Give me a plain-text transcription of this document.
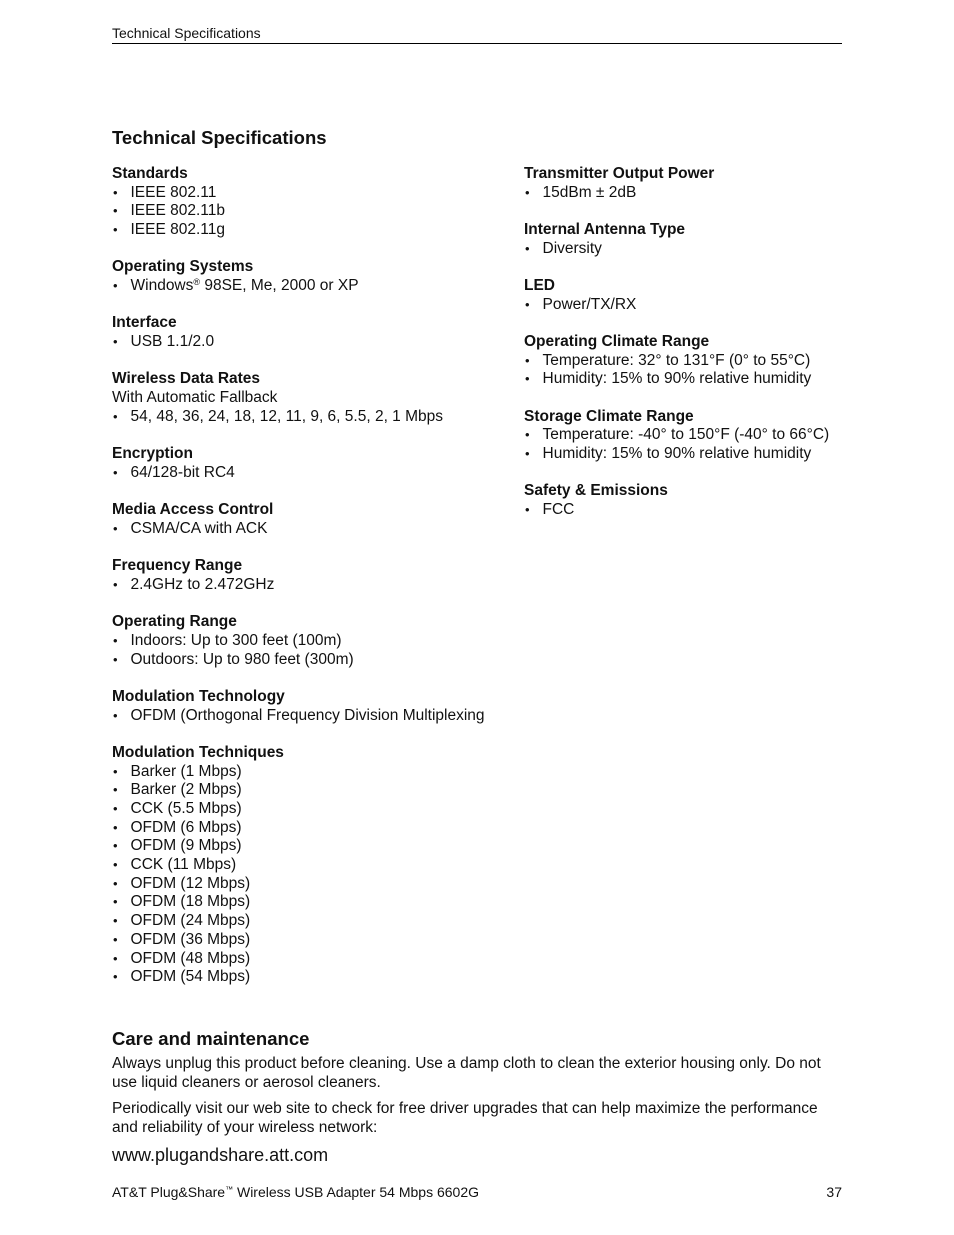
Technical Specifications
Technical Specifications
Standards
• IEEE 802.11
• IEEE 802.11b
• IEEE 802.11g
Operating Systems
• Windows® 98SE, Me, 2000 or XP
Interface
• USB 1.1/2.0
Wireless Data Rates
With Automatic Fallback
• 54, 48, 36, 24, 18, 12, 11, 9, 6, 5.5, 2, 1 Mbps
Encryption
• 64/128-bit RC4
Media Access Control
• CSMA/CA with ACK
Frequency Range
• 2.4GHz to 2.472GHz
Operating Range
• Indoors: Up to 300 feet (100m)
• Outdoors: Up to 980 feet (300m)
Modulation Technology
• OFDM (Orthogonal Frequency Division Multiplexing
Modulation Techniques
• Barker (1 Mbps)
• Barker (2 Mbps)
• CCK (5.5 Mbps)
• OFDM (6 Mbps)
• OFDM (9 Mbps)
• CCK (11 Mbps)
• OFDM (12 Mbps)
• OFDM (18 Mbps)
• OFDM (24 Mbps)
• OFDM (36 Mbps)
• OFDM (48 Mbps)
• OFDM (54 Mbps)
Transmitter Output Power
• 15dBm ± 2dB
Internal Antenna Type
• Diversity
LED
• Power/TX/RX
Operating Climate Range
• Temperature: 32° to 131°F (0° to 55°C)
• Humidity: 15% to 90% relative humidity
Storage Climate Range
• Temperature: -40° to 150°F (-40° to 66°C)
• Humidity: 15% to 90% relative humidity
Safety & Emissions
• FCC
Care and maintenance

Always unplug this product before cleaning. Use a damp cloth to clean the exterior housing only. Do not use liquid cleaners or aerosol cleaners.

Periodically visit our web site to check for free driver upgrades that can help maximize the performance and reliability of your wireless network:

www.plugandshare.att.com
AT&T Plug&Share™ Wireless USB Adapter 54 Mbps 6602G	37
